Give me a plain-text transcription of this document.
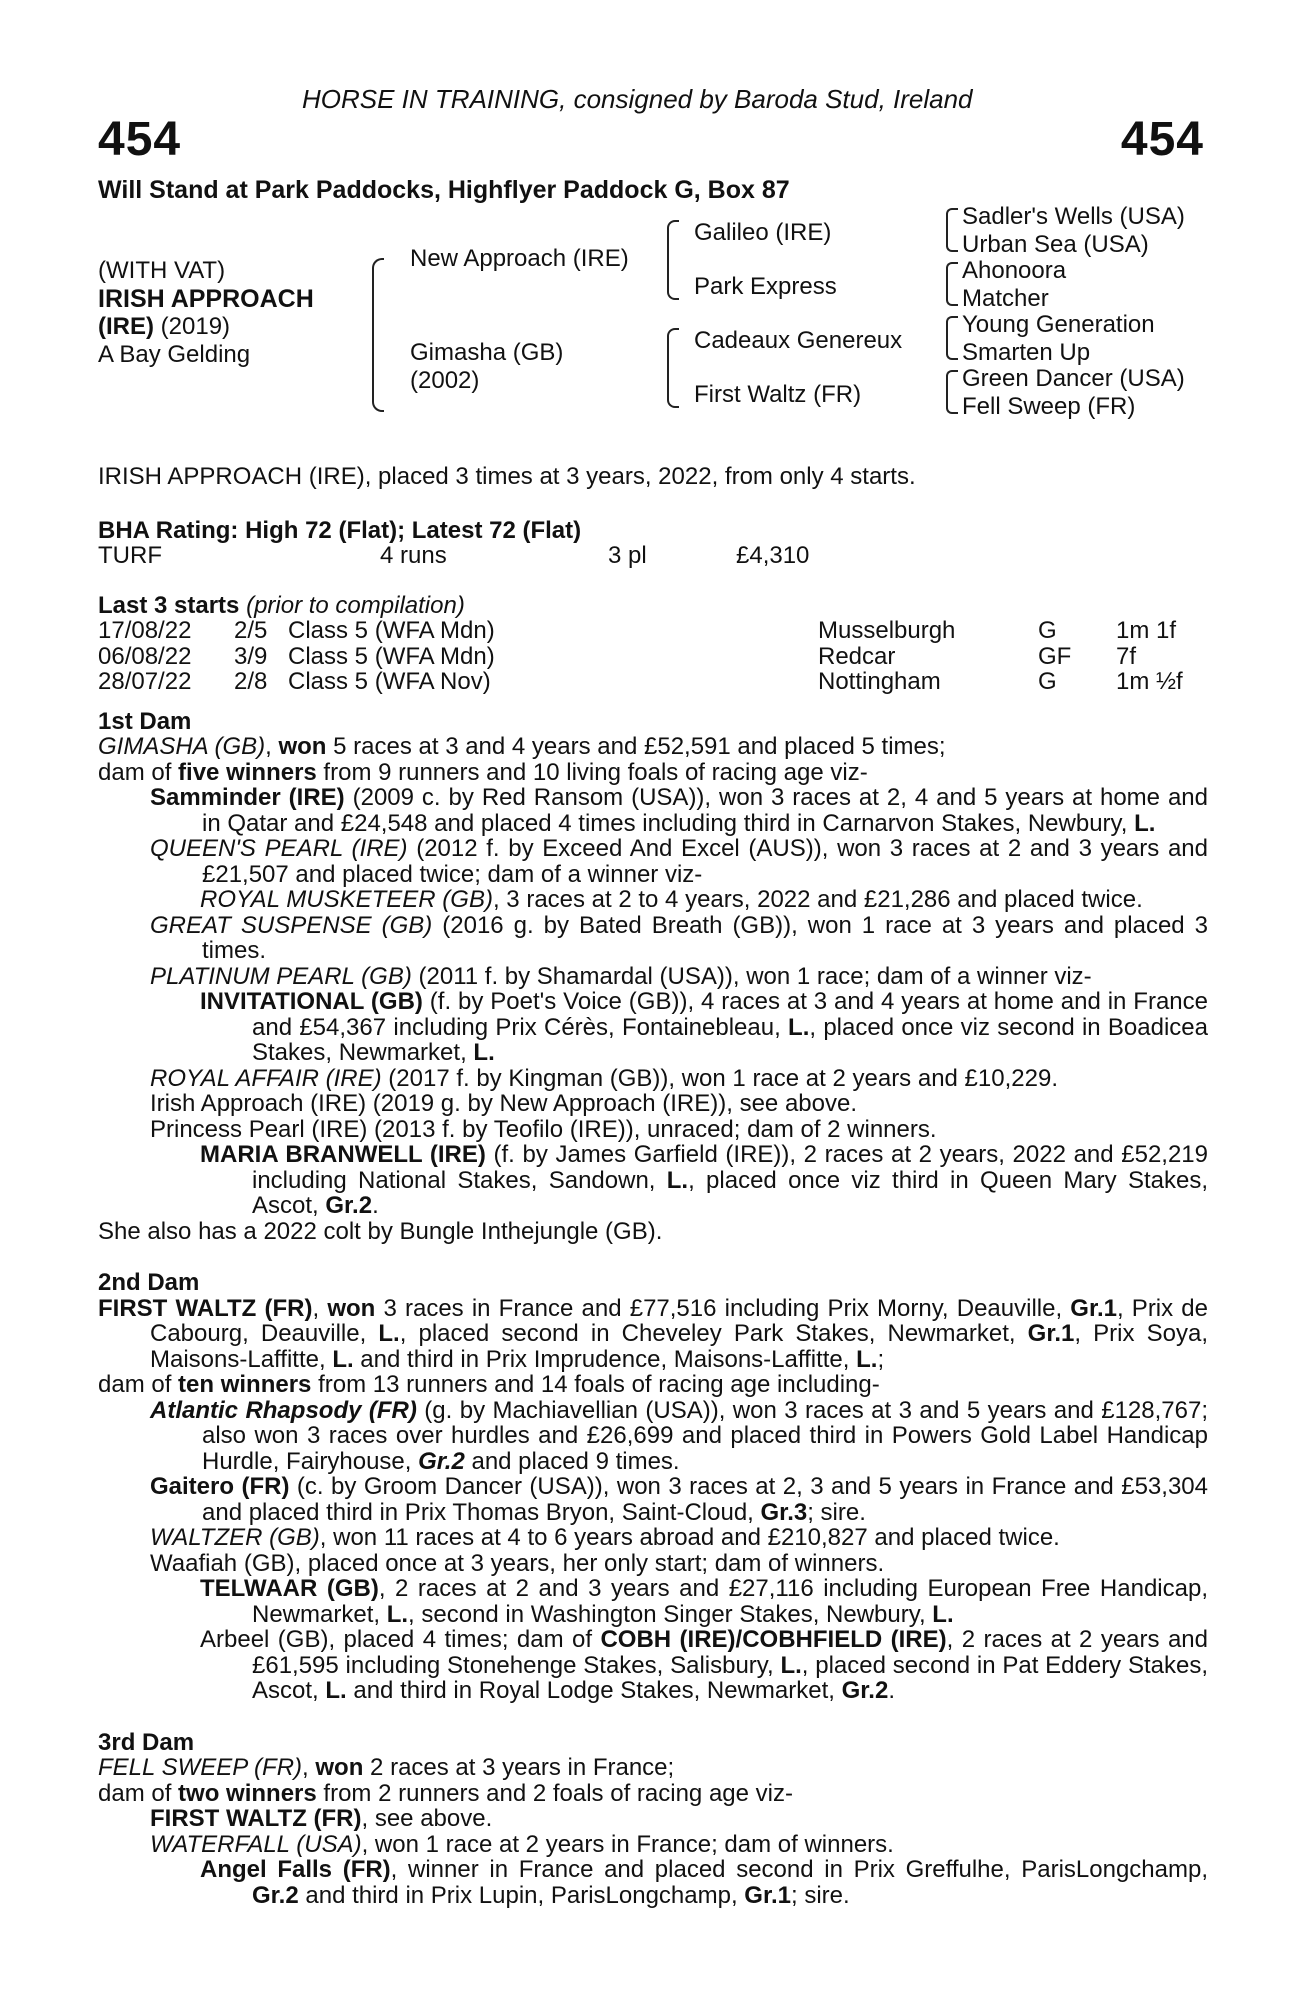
HORSE IN TRAINING, consigned by Baroda Stud, Ireland
454	454
Will Stand at Park Paddocks, Highflyer Paddock G, Box 87
(WITH VAT)
IRISH APPROACH
(IRE) (2019)
A Bay Gelding
New Approach (IRE)
Gimasha (GB)
(2002)
Galileo (IRE)
Park Express
Cadeaux Genereux
First Waltz (FR)
Sadler's Wells (USA)
Urban Sea (USA)
Ahonoora
Matcher
Young Generation
Smarten Up
Green Dancer (USA)
Fell Sweep (FR)

IRISH APPROACH (IRE), placed 3 times at 3 years, 2022, from only 4 starts.

BHA Rating: High 72 (Flat); Latest 72 (Flat)
TURF	4 runs	3 pl	£4,310
Last 3 starts (prior to compilation)
17/08/22	2/5 Class 5 (WFA Mdn)	Musselburgh	G	1m 1f
06/08/22	3/9 Class 5 (WFA Mdn)	Redcar	GF	7f
28/07/22	2/8 Class 5 (WFA Nov)	Nottingham	G	1m ½f
1st Dam

GIMASHA (GB), won 5 races at 3 and 4 years and £52,591 and placed 5 times;

dam of five winners from 9 runners and 10 living foals of racing age viz-

Samminder (IRE) (2009 c. by Red Ransom (USA)), won 3 races at 2, 4 and 5 years at home and in Qatar and £24,548 and placed 4 times including third in Carnarvon Stakes, Newbury, L.

QUEEN'S PEARL (IRE) (2012 f. by Exceed And Excel (AUS)), won 3 races at 2 and 3 years and £21,507 and placed twice; dam of a winner viz-

ROYAL MUSKETEER (GB), 3 races at 2 to 4 years, 2022 and £21,286 and placed twice.

GREAT SUSPENSE (GB) (2016 g. by Bated Breath (GB)), won 1 race at 3 years and placed 3 times.

PLATINUM PEARL (GB) (2011 f. by Shamardal (USA)), won 1 race; dam of a winner viz-

INVITATIONAL (GB) (f. by Poet's Voice (GB)), 4 races at 3 and 4 years at home and in France and £54,367 including Prix Cérès, Fontainebleau, L., placed once viz second in Boadicea Stakes, Newmarket, L.

ROYAL AFFAIR (IRE) (2017 f. by Kingman (GB)), won 1 race at 2 years and £10,229.

Irish Approach (IRE) (2019 g. by New Approach (IRE)), see above.

Princess Pearl (IRE) (2013 f. by Teofilo (IRE)), unraced; dam of 2 winners.

MARIA BRANWELL (IRE) (f. by James Garfield (IRE)), 2 races at 2 years, 2022 and £52,219 including National Stakes, Sandown, L., placed once viz third in Queen Mary Stakes, Ascot, Gr.2.

She also has a 2022 colt by Bungle Inthejungle (GB).

2nd Dam

FIRST WALTZ (FR), won 3 races in France and £77,516 including Prix Morny, Deauville, Gr.1, Prix de Cabourg, Deauville, L., placed second in Cheveley Park Stakes, Newmarket, Gr.1, Prix Soya, Maisons-Laffitte, L. and third in Prix Imprudence, Maisons-Laffitte, L.;

dam of ten winners from 13 runners and 14 foals of racing age including-

Atlantic Rhapsody (FR) (g. by Machiavellian (USA)), won 3 races at 3 and 5 years and £128,767; also won 3 races over hurdles and £26,699 and placed third in Powers Gold Label Handicap Hurdle, Fairyhouse, Gr.2 and placed 9 times.

Gaitero (FR) (c. by Groom Dancer (USA)), won 3 races at 2, 3 and 5 years in France and £53,304 and placed third in Prix Thomas Bryon, Saint-Cloud, Gr.3; sire.

WALTZER (GB), won 11 races at 4 to 6 years abroad and £210,827 and placed twice.

Waafiah (GB), placed once at 3 years, her only start; dam of winners.

TELWAAR (GB), 2 races at 2 and 3 years and £27,116 including European Free Handicap, Newmarket, L., second in Washington Singer Stakes, Newbury, L.

Arbeel (GB), placed 4 times; dam of COBH (IRE)/COBHFIELD (IRE), 2 races at 2 years and £61,595 including Stonehenge Stakes, Salisbury, L., placed second in Pat Eddery Stakes, Ascot, L. and third in Royal Lodge Stakes, Newmarket, Gr.2.

3rd Dam

FELL SWEEP (FR), won 2 races at 3 years in France;

dam of two winners from 2 runners and 2 foals of racing age viz-

FIRST WALTZ (FR), see above.

WATERFALL (USA), won 1 race at 2 years in France; dam of winners.

Angel Falls (FR), winner in France and placed second in Prix Greffulhe, ParisLongchamp, Gr.2 and third in Prix Lupin, ParisLongchamp, Gr.1; sire.
